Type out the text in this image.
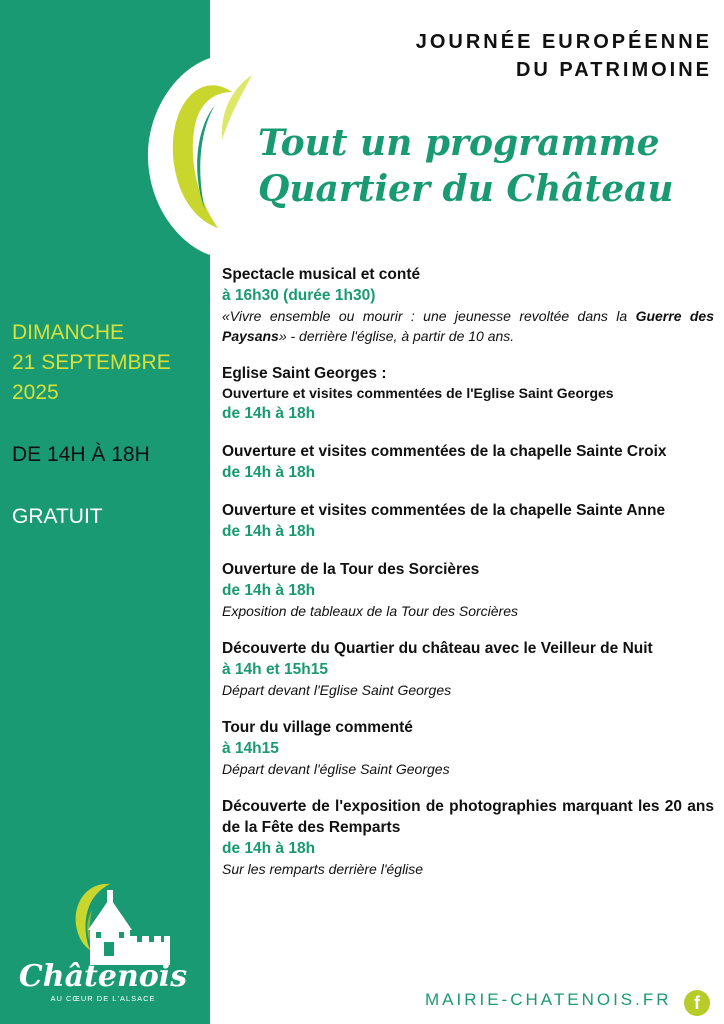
JOURNÉE EUROPÉENNE
DU PATRIMOINE
Tout un programme
Quartier du Château
DIMANCHE
21 SEPTEMBRE
2025
DE 14H À 18H
GRATUIT
Spectacle musical et conté
à 16h30 (durée 1h30)
«Vivre ensemble ou mourir : une jeunesse revoltée dans la Guerre des Paysans» - derrière l'église, à partir de 10 ans.
Eglise Saint Georges :
Ouverture et visites commentées de l'Eglise Saint Georges
de 14h à 18h
Ouverture et visites commentées de la chapelle Sainte Croix
de 14h à 18h
Ouverture et visites commentées de la chapelle Sainte Anne
de 14h à 18h
Ouverture de la Tour des Sorcières
de 14h à 18h
Exposition de tableaux de la Tour des Sorcières
Découverte du Quartier du château avec le Veilleur de Nuit
à 14h et 15h15
Départ devant l'Eglise Saint Georges
Tour du village commenté
à 14h15
Départ devant l'église Saint Georges
Découverte de l'exposition de photographies marquant les 20 ans de la Fête des Remparts
de 14h à 18h
Sur les remparts derrière l'église
Châtenois
AU CŒUR DE L'ALSACE	MAIRIE-CHATENOIS.FR	f
